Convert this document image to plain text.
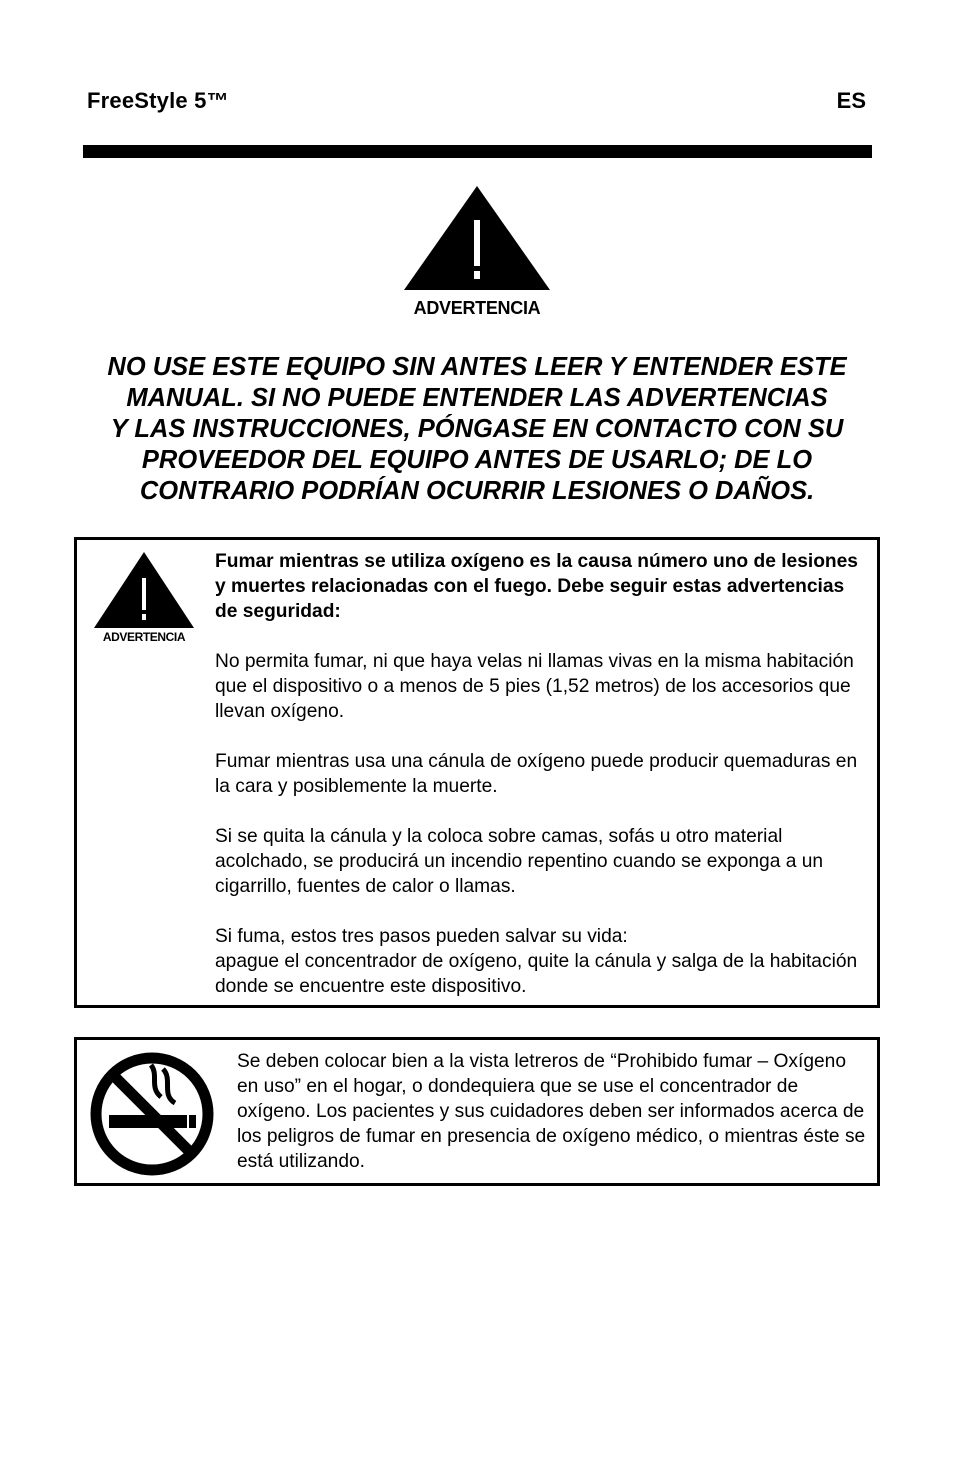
FreeStyle 5™	ES
ADVERTENCIA
NO USE ESTE EQUIPO SIN ANTES LEER Y ENTENDER ESTE
MANUAL. SI NO PUEDE ENTENDER LAS ADVERTENCIAS
Y LAS INSTRUCCIONES, PÓNGASE EN CONTACTO CON SU
PROVEEDOR DEL EQUIPO ANTES DE USARLO; DE LO
CONTRARIO PODRÍAN OCURRIR LESIONES O DAÑOS.
ADVERTENCIA

Fumar mientras se utiliza oxígeno es la causa número uno de lesiones y muertes relacionadas con el fuego. Debe seguir estas advertencias de seguridad:

No permita fumar, ni que haya velas ni llamas vivas en la misma habitación que el dispositivo o a menos de 5 pies (1,52 metros) de los accesorios que llevan oxígeno.

Fumar mientras usa una cánula de oxígeno puede producir quemaduras en la cara y posiblemente la muerte.

Si se quita la cánula y la coloca sobre camas, sofás u otro material acolchado, se producirá un incendio repentino cuando se exponga a un cigarrillo, fuentes de calor o llamas.

Si fuma, estos tres pasos pueden salvar su vida:
apague el concentrador de oxígeno, quite la cánula y salga de la habitación donde se encuentre este dispositivo.

Se deben colocar bien a la vista letreros de “Prohibido fumar – Oxígeno en uso” en el hogar, o dondequiera que se use el concentrador de oxígeno. Los pacientes y sus cuidadores deben ser informados acerca de los peligros de fumar en presencia de oxígeno médico, o mientras éste se está utilizando.
